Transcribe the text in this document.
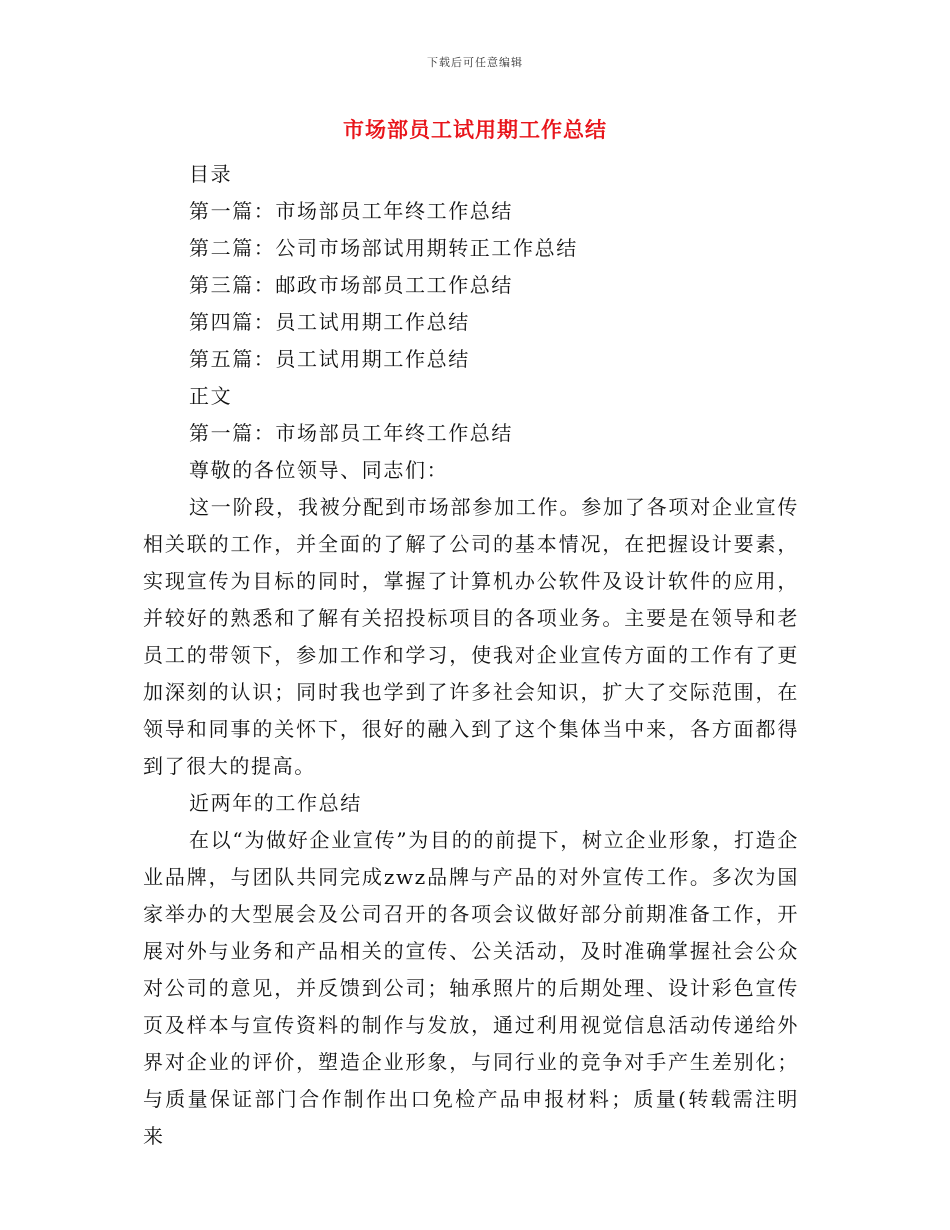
下载后可任意编辑
市场部员工试用期工作总结
目录
第一篇：市场部员工年终工作总结
第二篇：公司市场部试用期转正工作总结
第三篇：邮政市场部员工工作总结
第四篇：员工试用期工作总结
第五篇：员工试用期工作总结
正文
第一篇：市场部员工年终工作总结
尊敬的各位领导、同志们：

这一阶段，我被分配到市场部参加工作。参加了各项对企业宣传相关联的工作，并全面的了解了公司的基本情况，在把握设计要素，实现宣传为目标的同时，掌握了计算机办公软件及设计软件的应用，并较好的熟悉和了解有关招投标项目的各项业务。主要是在领导和老员工的带领下，参加工作和学习，使我对企业宣传方面的工作有了更加深刻的认识；同时我也学到了许多社会知识，扩大了交际范围，在领导和同事的关怀下，很好的融入到了这个集体当中来，各方面都得到了很大的提高。

近两年的工作总结

在以“为做好企业宣传”为目的的前提下，树立企业形象，打造企业品牌，与团队共同完成zwz品牌与产品的对外宣传工作。多次为国家举办的大型展会及公司召开的各项会议做好部分前期准备工作，开展对外与业务和产品相关的宣传、公关活动，及时准确掌握社会公众对公司的意见，并反馈到公司；轴承照片的后期处理、设计彩色宣传页及样本与宣传资料的制作与发放，通过利用视觉信息活动传递给外界对企业的评价，塑造企业形象，与同行业的竞争对手产生差别化；与质量保证部门合作制作出口免检产品申报材料；质量(转载需注明来
